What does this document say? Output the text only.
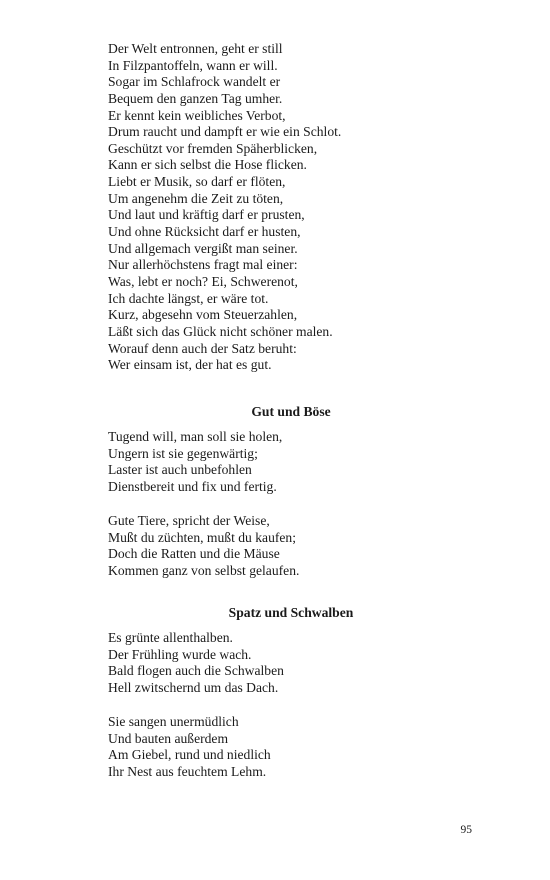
Der Welt entronnen, geht er still
In Filzpantoffeln, wann er will.
Sogar im Schlafrock wandelt er
Bequem den ganzen Tag umher.
Er kennt kein weibliches Verbot,
Drum raucht und dampft er wie ein Schlot.
Geschützt vor fremden Späherblicken,
Kann er sich selbst die Hose flicken.
Liebt er Musik, so darf er flöten,
Um angenehm die Zeit zu töten,
Und laut und kräftig darf er prusten,
Und ohne Rücksicht darf er husten,
Und allgemach vergißt man seiner.
Nur allerhöchstens fragt mal einer:
Was, lebt er noch? Ei, Schwerenot,
Ich dachte längst, er wäre tot.
Kurz, abgesehn vom Steuerzahlen,
Läßt sich das Glück nicht schöner malen.
Worauf denn auch der Satz beruht:
Wer einsam ist, der hat es gut.
Gut und Böse
Tugend will, man soll sie holen,
Ungern ist sie gegenwärtig;
Laster ist auch unbefohlen
Dienstbereit und fix und fertig.
Gute Tiere, spricht der Weise,
Mußt du züchten, mußt du kaufen;
Doch die Ratten und die Mäuse
Kommen ganz von selbst gelaufen.
Spatz und Schwalben
Es grünte allenthalben.
Der Frühling wurde wach.
Bald flogen auch die Schwalben
Hell zwitschernd um das Dach.
Sie sangen unermüdlich
Und bauten außerdem
Am Giebel, rund und niedlich
Ihr Nest aus feuchtem Lehm.
95
